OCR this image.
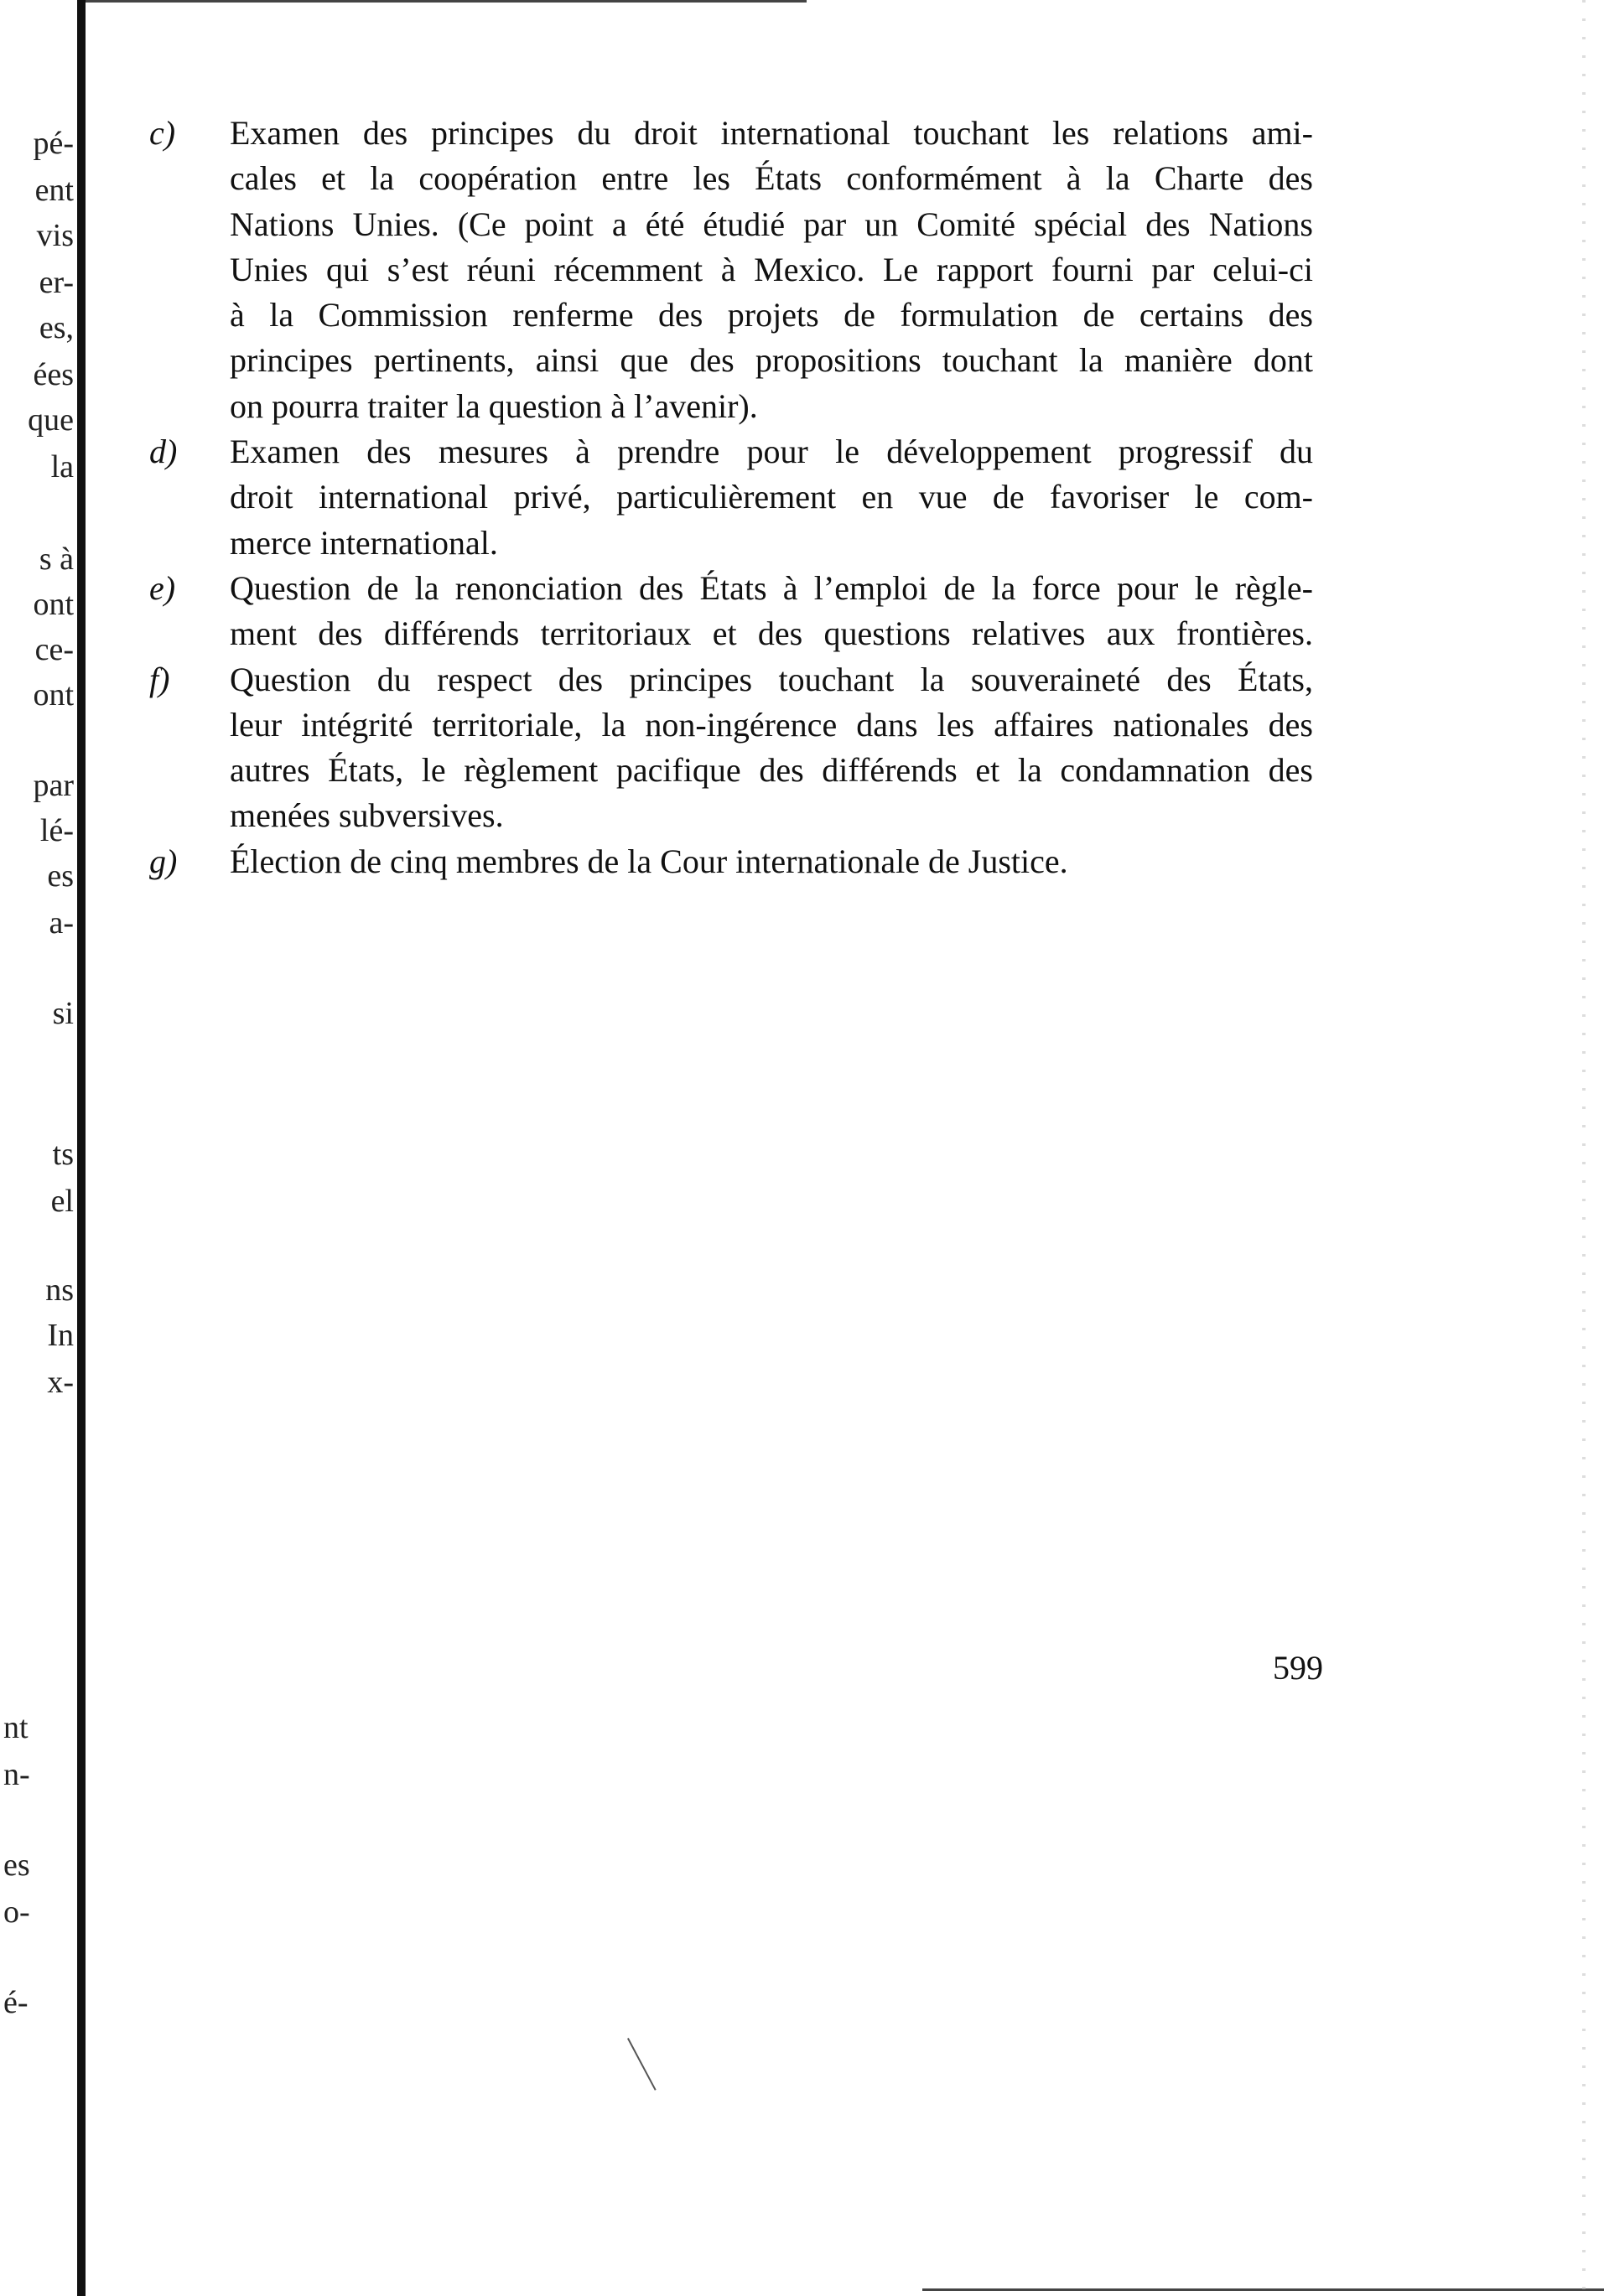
pé-
ent
vis
er-
es,
ées
que
la
s à
ont
ce-
ont
par
lé-
es
a-
si
ts
el
ns
In
x-
nt
n-
es
o-
é-
c) Examen des principes du droit international touchant les relations ami-
cales et la coopération entre les États conformément à la Charte des
Nations Unies. (Ce point a été étudié par un Comité spécial des Nations
Unies qui s’est réuni récemment à Mexico. Le rapport fourni par celui-ci
à la Commission renferme des projets de formulation de certains des
principes pertinents, ainsi que des propositions touchant la manière dont
on pourra traiter la question à l’avenir).
d) Examen des mesures à prendre pour le développement progressif du
droit international privé, particulièrement en vue de favoriser le com-
merce international.
e) Question de la renonciation des États à l’emploi de la force pour le règle-
ment des différends territoriaux et des questions relatives aux frontières.
f) Question du respect des principes touchant la souveraineté des États,
leur intégrité territoriale, la non-ingérence dans les affaires nationales des
autres États, le règlement pacifique des différends et la condamnation des
menées subversives.
g) Élection de cinq membres de la Cour internationale de Justice.
599
